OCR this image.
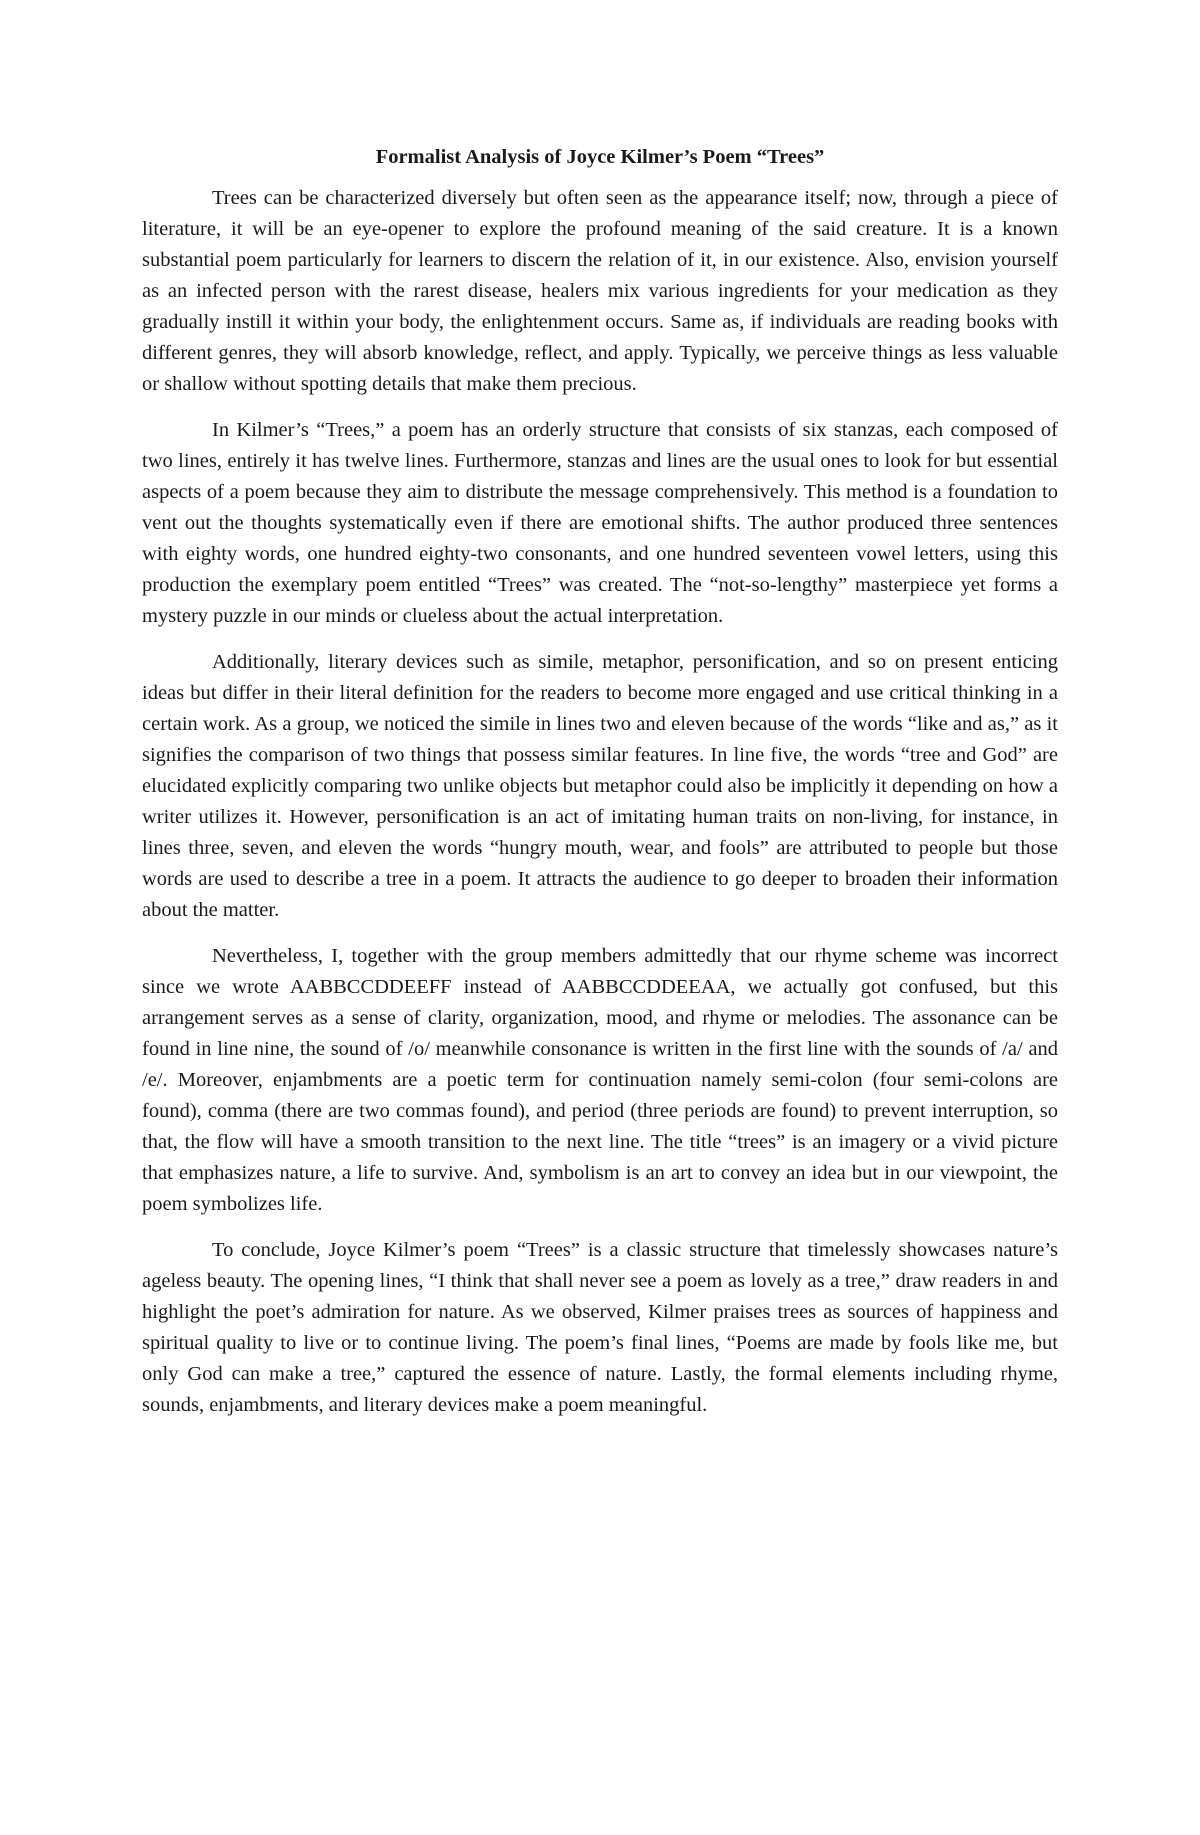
Formalist Analysis of Joyce Kilmer’s Poem “Trees”

Trees can be characterized diversely but often seen as the appearance itself; now, through a piece of literature, it will be an eye-opener to explore the profound meaning of the said creature. It is a known substantial poem particularly for learners to discern the relation of it, in our existence. Also, envision yourself as an infected person with the rarest disease, healers mix various ingredients for your medication as they gradually instill it within your body, the enlightenment occurs. Same as, if individuals are reading books with different genres, they will absorb knowledge, reflect, and apply. Typically, we perceive things as less valuable or shallow without spotting details that make them precious.

In Kilmer’s “Trees,” a poem has an orderly structure that consists of six stanzas, each composed of two lines, entirely it has twelve lines. Furthermore, stanzas and lines are the usual ones to look for but essential aspects of a poem because they aim to distribute the message comprehensively. This method is a foundation to vent out the thoughts systematically even if there are emotional shifts. The author produced three sentences with eighty words, one hundred eighty-two consonants, and one hundred seventeen vowel letters, using this production the exemplary poem entitled “Trees” was created. The “not-so-lengthy” masterpiece yet forms a mystery puzzle in our minds or clueless about the actual interpretation.

Additionally, literary devices such as simile, metaphor, personification, and so on present enticing ideas but differ in their literal definition for the readers to become more engaged and use critical thinking in a certain work. As a group, we noticed the simile in lines two and eleven because of the words “like and as,” as it signifies the comparison of two things that possess similar features. In line five, the words “tree and God” are elucidated explicitly comparing two unlike objects but metaphor could also be implicitly it depending on how a writer utilizes it. However, personification is an act of imitating human traits on non-living, for instance, in lines three, seven, and eleven the words “hungry mouth, wear, and fools” are attributed to people but those words are used to describe a tree in a poem. It attracts the audience to go deeper to broaden their information about the matter.

Nevertheless, I, together with the group members admittedly that our rhyme scheme was incorrect since we wrote AABBCCDDEEFF instead of AABBCCDDEEAA, we actually got confused, but this arrangement serves as a sense of clarity, organization, mood, and rhyme or melodies. The assonance can be found in line nine, the sound of /o/ meanwhile consonance is written in the first line with the sounds of /a/ and /e/. Moreover, enjambments are a poetic term for continuation namely semi-colon (four semi-colons are found), comma (there are two commas found), and period (three periods are found) to prevent interruption, so that, the flow will have a smooth transition to the next line. The title “trees” is an imagery or a vivid picture that emphasizes nature, a life to survive. And, symbolism is an art to convey an idea but in our viewpoint, the poem symbolizes life.

To conclude, Joyce Kilmer’s poem “Trees” is a classic structure that timelessly showcases nature’s ageless beauty. The opening lines, “I think that shall never see a poem as lovely as a tree,” draw readers in and highlight the poet’s admiration for nature. As we observed, Kilmer praises trees as sources of happiness and spiritual quality to live or to continue living. The poem’s final lines, “Poems are made by fools like me, but only God can make a tree,” captured the essence of nature. Lastly, the formal elements including rhyme, sounds, enjambments, and literary devices make a poem meaningful.
